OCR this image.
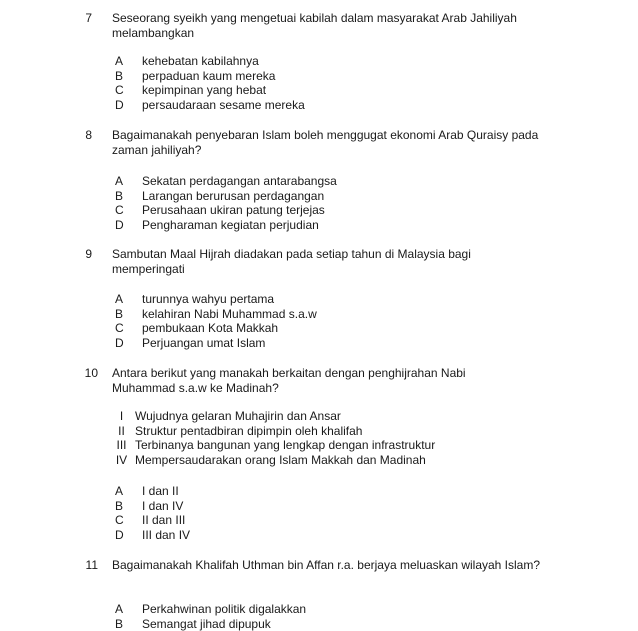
7 Seseorang syeikh yang mengetuai kabilah dalam masyarakat Arab Jahiliyah melambangkan
A kehebatan kabilahnya
B perpaduan kaum mereka
C kepimpinan yang hebat
D persaudaraan sesame mereka
8 Bagaimanakah penyebaran Islam boleh menggugat ekonomi Arab Quraisy pada zaman jahiliyah?
A Sekatan perdagangan antarabangsa
B Larangan berurusan perdagangan
C Perusahaan ukiran patung terjejas
D Pengharaman kegiatan perjudian
9 Sambutan Maal Hijrah diadakan pada setiap tahun di Malaysia bagi memperingati
A turunnya wahyu pertama
B kelahiran Nabi Muhammad s.a.w
C pembukaan Kota Makkah
D Perjuangan umat Islam
10 Antara berikut yang manakah berkaitan dengan penghijrahan Nabi Muhammad s.a.w ke Madinah?
I Wujudnya gelaran Muhajirin dan Ansar
II Struktur pentadbiran dipimpin oleh khalifah
III Terbinanya bangunan yang lengkap dengan infrastruktur
IV Mempersaudarakan orang Islam Makkah dan Madinah
A I dan II
B I dan IV
C II dan III
D III dan IV
11 Bagaimanakah Khalifah Uthman bin Affan r.a. berjaya meluaskan wilayah Islam?
A Perkahwinan politik digalakkan
B Semangat jihad dipupuk
